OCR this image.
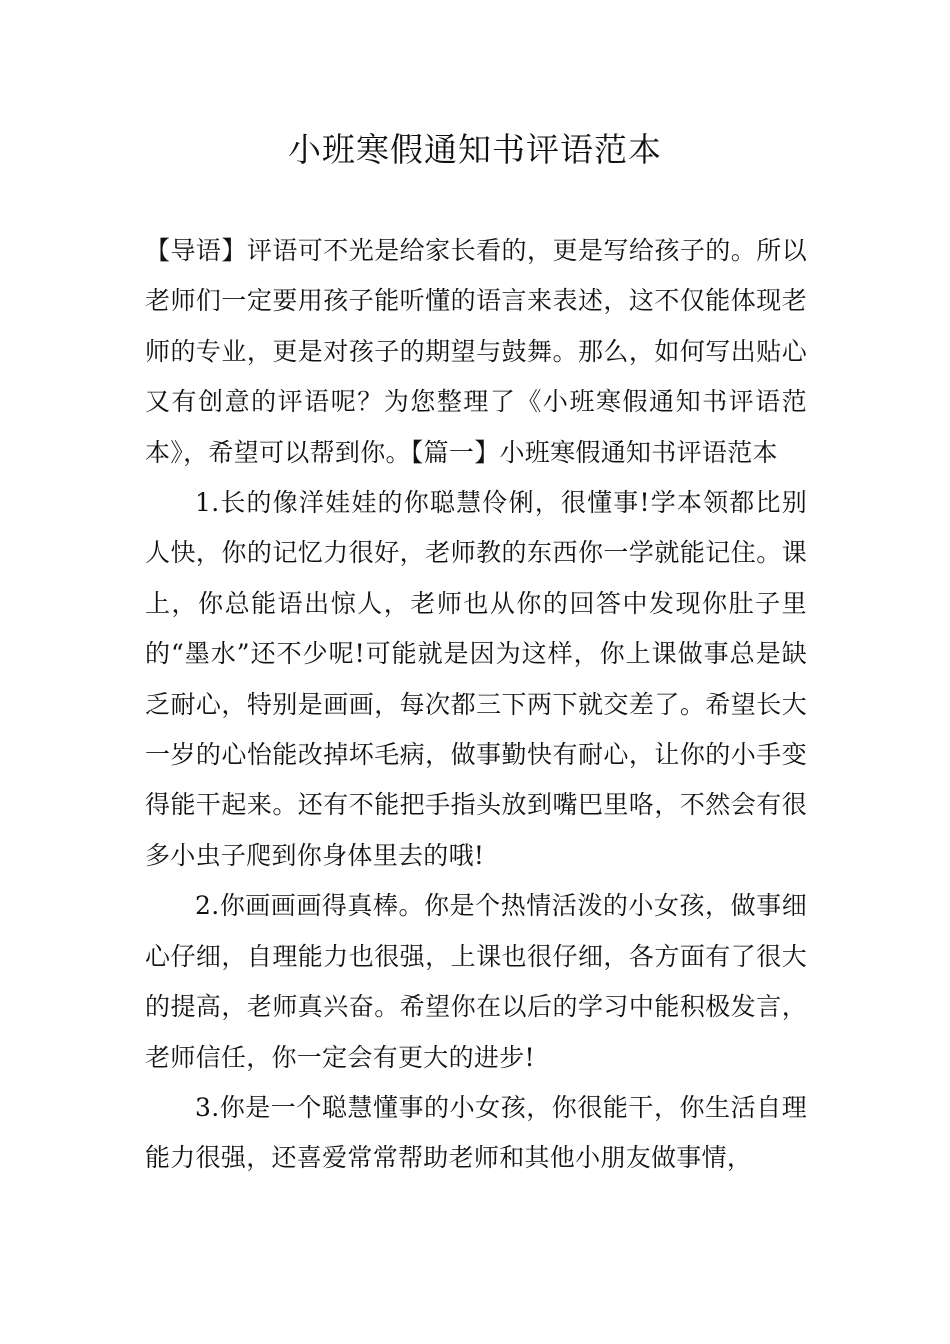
小班寒假通知书评语范本

【导语】评语可不光是给家长看的，更是写给孩子的。所以老师们一定要用孩子能听懂的语言来表述，这不仅能体现老师的专业，更是对孩子的期望与鼓舞。那么，如何写出贴心又有创意的评语呢？为您整理了《小班寒假通知书评语范本》，希望可以帮到你。【篇一】小班寒假通知书评语范本

1.长的像洋娃娃的你聪慧伶俐，很懂事!学本领都比别人快，你的记忆力很好，老师教的东西你一学就能记住。课上，你总能语出惊人，老师也从你的回答中发现你肚子里的“墨水”还不少呢!可能就是因为这样，你上课做事总是缺乏耐心，特别是画画，每次都三下两下就交差了。希望长大一岁的心怡能改掉坏毛病，做事勤快有耐心，让你的小手变得能干起来。还有不能把手指头放到嘴巴里咯，不然会有很多小虫子爬到你身体里去的哦!

2.你画画画得真棒。你是个热情活泼的小女孩，做事细心仔细，自理能力也很强，上课也很仔细，各方面有了很大的提高，老师真兴奋。希望你在以后的学习中能积极发言，老师信任，你一定会有更大的进步!

3.你是一个聪慧懂事的小女孩，你很能干，你生活自理能力很强，还喜爱常常帮助老师和其他小朋友做事情，
